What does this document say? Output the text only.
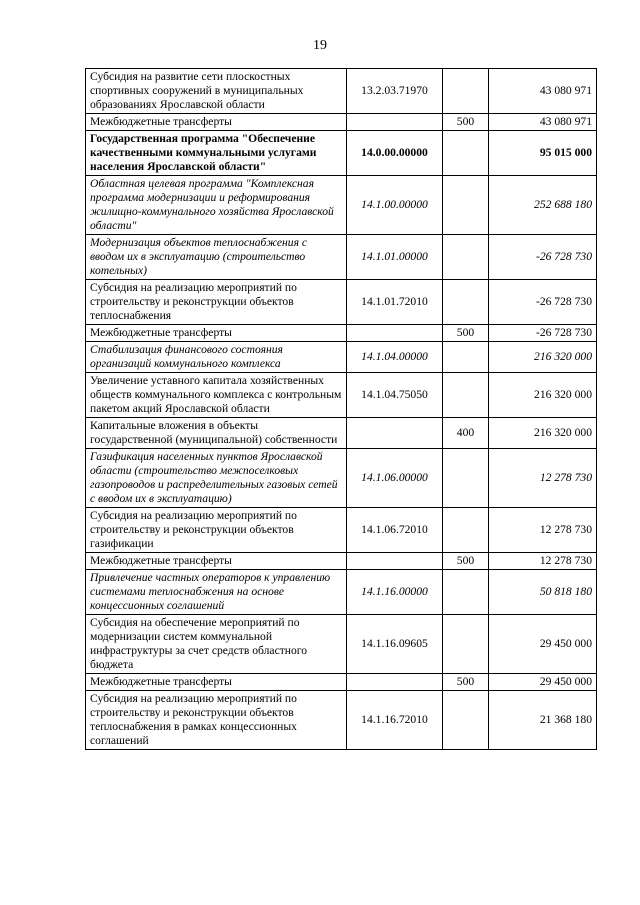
19
Субсидия на развитие сети плоскостных спортивных сооружений в муниципальных образованиях Ярославской области	13.2.03.71970		43 080 971
Межбюджетные трансферты		500	43 080 971
Государственная программа "Обеспечение качественными коммунальными услугами населения Ярославской области"	14.0.00.00000		95 015 000
Областная целевая программа "Комплексная программа модернизации и реформирования жилищно-коммунального хозяйства Ярославской области"	14.1.00.00000		252 688 180
Модернизация объектов теплоснабжения с вводом их в эксплуатацию (строительство котельных)	14.1.01.00000		-26 728 730
Субсидия на реализацию мероприятий по строительству и реконструкции объектов теплоснабжения	14.1.01.72010		-26 728 730
Межбюджетные трансферты		500	-26 728 730
Стабилизация финансового состояния организаций коммунального комплекса	14.1.04.00000		216 320 000
Увеличение уставного капитала хозяйственных обществ коммунального комплекса с контрольным пакетом акций Ярославской области	14.1.04.75050		216 320 000
Капитальные вложения в объекты государственной (муниципальной) собственности		400	216 320 000
Газификация населенных пунктов Ярославской области (строительство межпоселковых газопроводов и распределительных газовых сетей с вводом их в эксплуатацию)	14.1.06.00000		12 278 730
Субсидия на реализацию мероприятий по строительству и реконструкции объектов газификации	14.1.06.72010		12 278 730
Межбюджетные трансферты		500	12 278 730
Привлечение частных операторов к управлению системами теплоснабжения на основе концессионных соглашений	14.1.16.00000		50 818 180
Субсидия на обеспечение мероприятий по модернизации систем коммунальной инфраструктуры за счет средств областного бюджета	14.1.16.09605		29 450 000
Межбюджетные трансферты		500	29 450 000
Субсидия на реализацию мероприятий по строительству и реконструкции объектов теплоснабжения в рамках концессионных соглашений	14.1.16.72010		21 368 180
